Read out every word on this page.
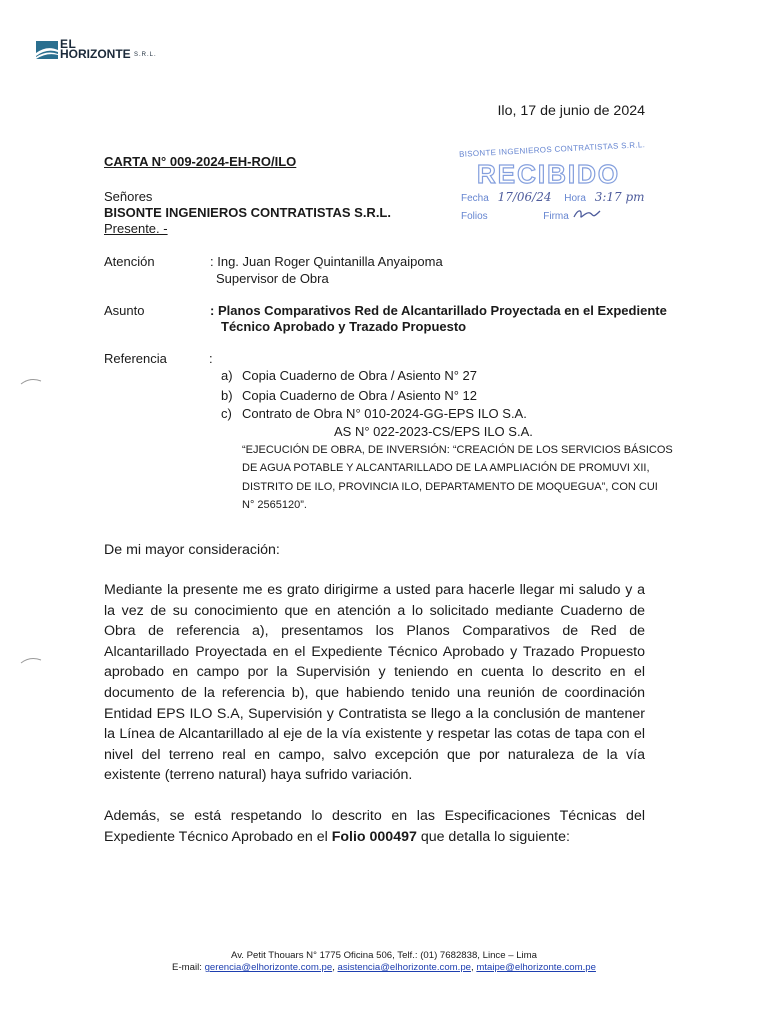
EL
HORIZONTE S.R.L.
Ilo, 17 de junio de 2024
CARTA N° 009-2024-EH-RO/ILO
BISONTE INGENIEROS CONTRATISTAS S.R.L.
RECIBIDO
Fecha 17/06/24 Hora 3:17 pm
Folios	Firma
Señores
BISONTE INGENIEROS CONTRATISTAS S.R.L.
Presente. -
Atención	: Ing. Juan Roger Quintanilla Anyaipoma
Supervisor de Obra
Asunto	: Planos Comparativos Red de Alcantarillado Proyectada en el Expediente
Técnico Aprobado y Trazado Propuesto
Referencia	:
a) Copia Cuaderno de Obra / Asiento N° 27
b) Copia Cuaderno de Obra / Asiento N° 12
c) Contrato de Obra N° 010-2024-GG-EPS ILO S.A.
AS N° 022-2023-CS/EPS ILO S.A.
“EJECUCIÓN DE OBRA, DE INVERSIÓN: “CREACIÓN DE LOS SERVICIOS BÁSICOS
DE AGUA POTABLE Y ALCANTARILLADO DE LA AMPLIACIÓN DE PROMUVI XII,
DISTRITO DE ILO, PROVINCIA ILO, DEPARTAMENTO DE MOQUEGUA”, CON CUI
N° 2565120”.
De mi mayor consideración:
Mediante la presente me es grato dirigirme a usted para hacerle llegar mi saludo y a la vez de su conocimiento que en atención a lo solicitado mediante Cuaderno de Obra de referencia a), presentamos los Planos Comparativos de Red de Alcantarillado Proyectada en el Expediente Técnico Aprobado y Trazado Propuesto aprobado en campo por la Supervisión y teniendo en cuenta lo descrito en el documento de la referencia b), que habiendo tenido una reunión de coordinación Entidad EPS ILO S.A, Supervisión y Contratista se llego a la conclusión de mantener la Línea de Alcantarillado al eje de la vía existente y respetar las cotas de tapa con el nivel del terreno real en campo, salvo excepción que por naturaleza de la vía existente (terreno natural) haya sufrido variación.
Además, se está respetando lo descrito en las Especificaciones Técnicas del Expediente Técnico Aprobado en el Folio 000497 que detalla lo siguiente:
Av. Petit Thouars N° 1775 Oficina 506, Telf.: (01) 7682838, Lince – Lima
E-mail: gerencia@elhorizonte.com.pe, asistencia@elhorizonte.com.pe, mtaipe@elhorizonte.com.pe
